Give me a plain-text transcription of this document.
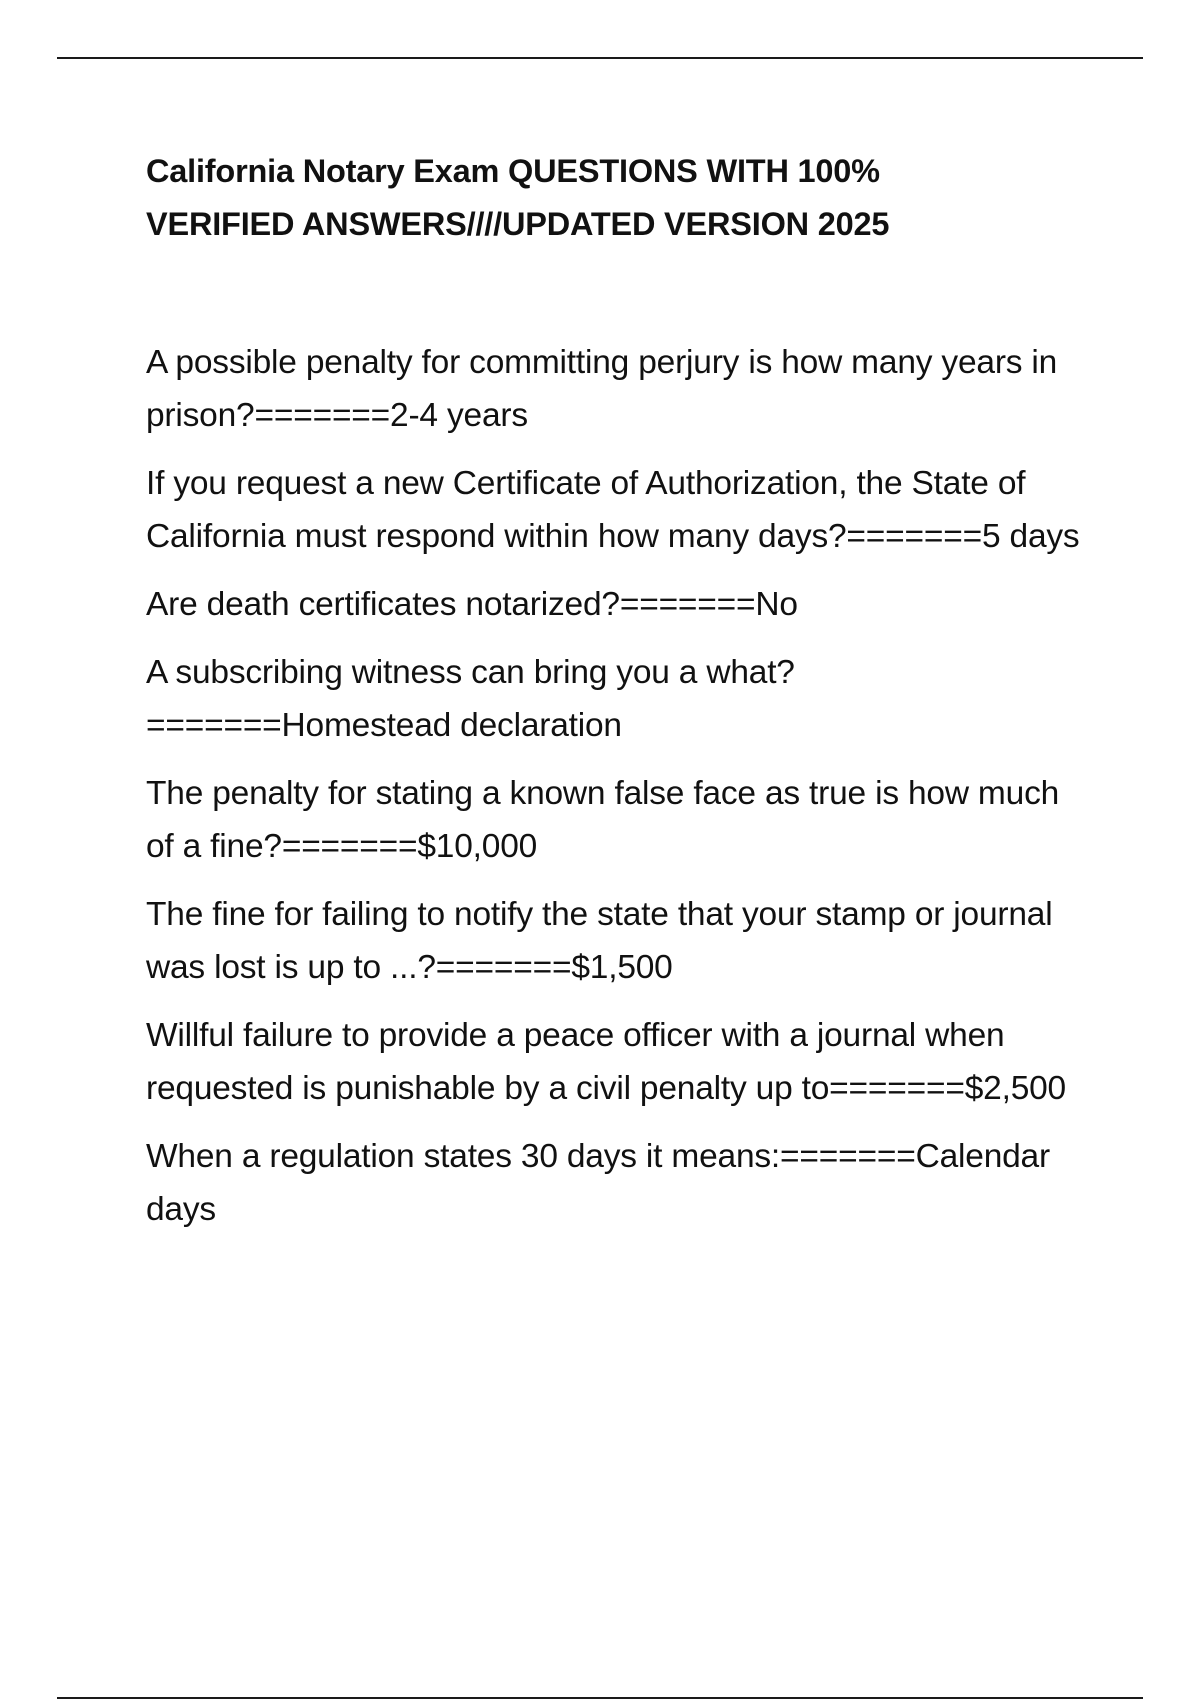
California Notary Exam QUESTIONS WITH 100%
VERIFIED ANSWERS////UPDATED VERSION 2025
A possible penalty for committing perjury is how many years in prison?=======2-4 years
If you request a new Certificate of Authorization, the State of California must respond within how many days?=======5 days
Are death certificates notarized?=======No
A subscribing witness can bring you a what?=======Homestead declaration
The penalty for stating a known false face as true is how much of a fine?=======$10,000
The fine for failing to notify the state that your stamp or journal was lost is up to ...?=======$1,500
Willful failure to provide a peace officer with a journal when requested is punishable by a civil penalty up to=======$2,500
When a regulation states 30 days it means:=======Calendar days
